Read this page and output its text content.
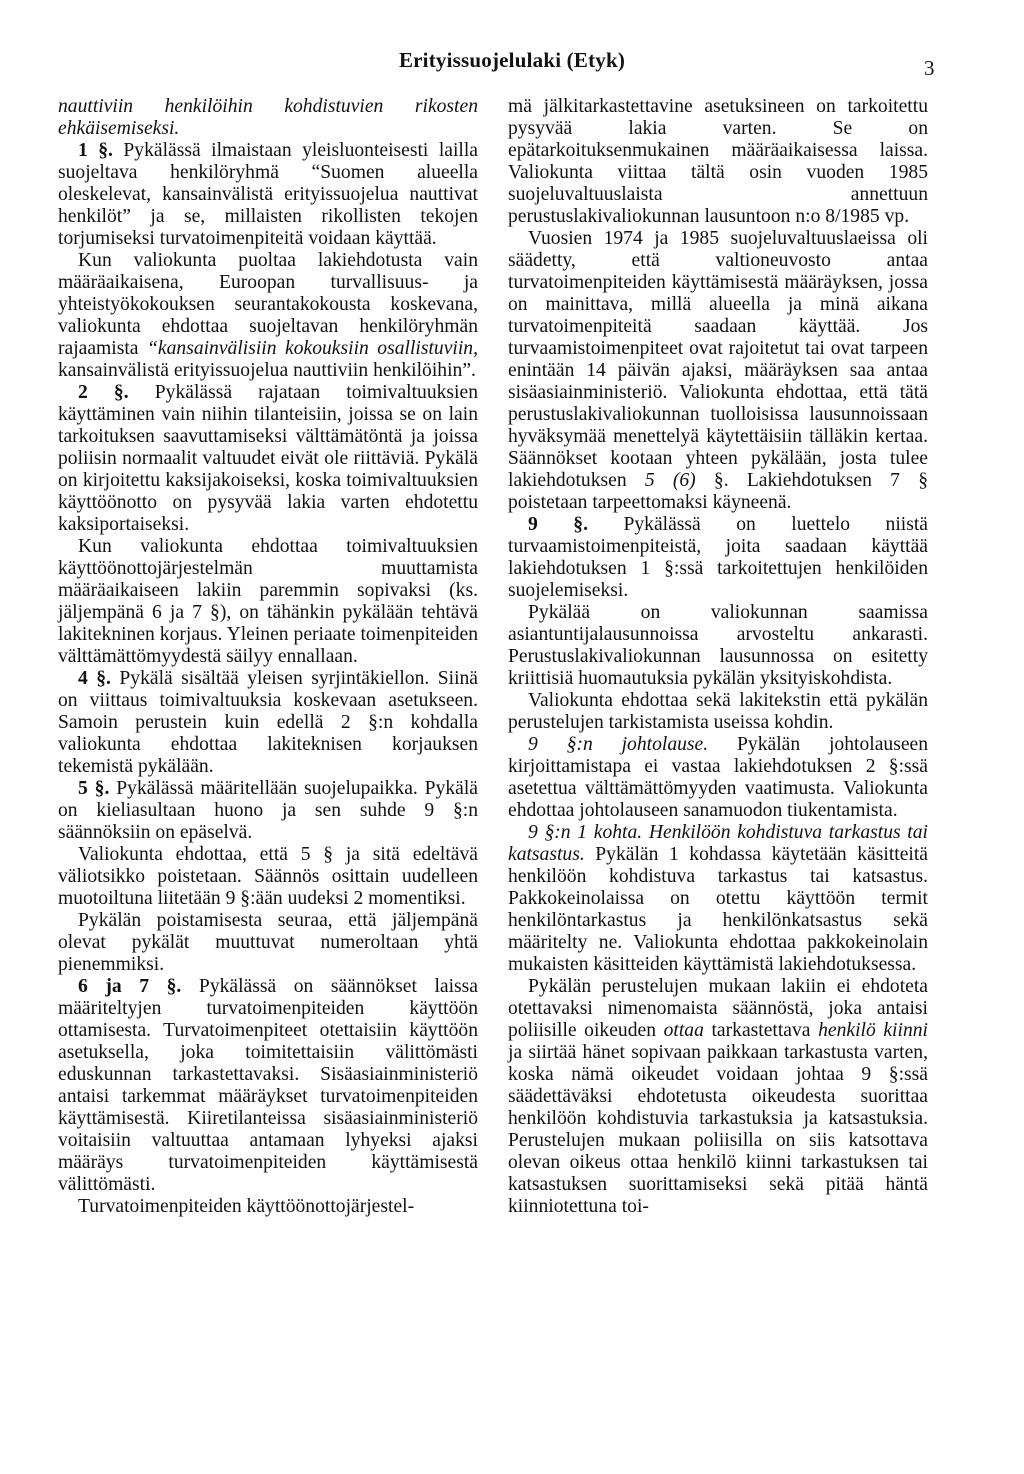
Erityissuojelulaki (Etyk)	3

nauttiviin henkilöihin kohdistuvien rikosten ehkäisemiseksi.

1 §. Pykälässä ilmaistaan yleisluonteisesti lailla suojeltava henkilöryhmä “Suomen alueella oleskelevat, kansainvälistä erityissuojelua nauttivat henkilöt” ja se, millaisten rikollisten tekojen torjumiseksi turvatoimenpiteitä voidaan käyttää.

Kun valiokunta puoltaa lakiehdotusta vain määräaikaisena, Euroopan turvallisuus- ja yhteistyökokouksen seurantakokousta koskevana, valiokunta ehdottaa suojeltavan henkilöryhmän rajaamista “kansainvälisiin kokouksiin osallistuviin, kansainvälistä erityissuojelua nauttiviin henkilöihin”.

2 §. Pykälässä rajataan toimivaltuuksien käyttäminen vain niihin tilanteisiin, joissa se on lain tarkoituksen saavuttamiseksi välttämätöntä ja joissa poliisin normaalit valtuudet eivät ole riittäviä. Pykälä on kirjoitettu kaksijakoiseksi, koska toimivaltuuksien käyttöönotto on pysyvää lakia varten ehdotettu kaksiportaiseksi.

Kun valiokunta ehdottaa toimivaltuuksien käyttöönottojärjestelmän muuttamista määräaikaiseen lakiin paremmin sopivaksi (ks. jäljempänä 6 ja 7 §), on tähänkin pykälään tehtävä lakitekninen korjaus. Yleinen periaate toimenpiteiden välttämättömyydestä säilyy ennallaan.

4 §. Pykälä sisältää yleisen syrjintäkiellon. Siinä on viittaus toimivaltuuksia koskevaan asetukseen. Samoin perustein kuin edellä 2 §:n kohdalla valiokunta ehdottaa lakiteknisen korjauksen tekemistä pykälään.

5 §. Pykälässä määritellään suojelupaikka. Pykälä on kieliasultaan huono ja sen suhde 9 §:n säännöksiin on epäselvä.

Valiokunta ehdottaa, että 5 § ja sitä edeltävä väliotsikko poistetaan. Säännös osittain uudelleen muotoiltuna liitetään 9 §:ään uudeksi 2 momentiksi.

Pykälän poistamisesta seuraa, että jäljempänä olevat pykälät muuttuvat numeroltaan yhtä pienemmiksi.

6 ja 7 §. Pykälässä on säännökset laissa määriteltyjen turvatoimenpiteiden käyttöön ottamisesta. Turvatoimenpiteet otettaisiin käyttöön asetuksella, joka toimitettaisiin välittömästi eduskunnan tarkastettavaksi. Sisäasiainministeriö antaisi tarkemmat määräykset turvatoimenpiteiden käyttämisestä. Kiiretilanteissa sisäasiainministeriö voitaisiin valtuuttaa antamaan lyhyeksi ajaksi määräys turvatoimenpiteiden käyttämisestä välittömästi.

Turvatoimenpiteiden käyttöönottojärjestel-

mä jälkitarkastettavine asetuksineen on tarkoitettu pysyvää lakia varten. Se on epätarkoituksenmukainen määräaikaisessa laissa. Valiokunta viittaa tältä osin vuoden 1985 suojeluvaltuuslaista annettuun perustuslakivaliokunnan lausuntoon n:o 8/1985 vp.

Vuosien 1974 ja 1985 suojeluvaltuuslaeissa oli säädetty, että valtioneuvosto antaa turvatoimenpiteiden käyttämisestä määräyksen, jossa on mainittava, millä alueella ja minä aikana turvatoimenpiteitä saadaan käyttää. Jos turvaamistoimenpiteet ovat rajoitetut tai ovat tarpeen enintään 14 päivän ajaksi, määräyksen saa antaa sisäasiainministeriö. Valiokunta ehdottaa, että tätä perustuslakivaliokunnan tuolloisissa lausunnoissaan hyväksymää menettelyä käytettäisiin tälläkin kertaa. Säännökset kootaan yhteen pykälään, josta tulee lakiehdotuksen 5 (6) §. Lakiehdotuksen 7 § poistetaan tarpeettomaksi käyneenä.

9 §. Pykälässä on luettelo niistä turvaamistoimenpiteistä, joita saadaan käyttää lakiehdotuksen 1 §:ssä tarkoitettujen henkilöiden suojelemiseksi.

Pykälää on valiokunnan saamissa asiantuntijalausunnoissa arvosteltu ankarasti. Perustuslakivaliokunnan lausunnossa on esitetty kriittisiä huomautuksia pykälän yksityiskohdista.

Valiokunta ehdottaa sekä lakitekstin että pykälän perustelujen tarkistamista useissa kohdin.

9 §:n johtolause. Pykälän johtolauseen kirjoittamistapa ei vastaa lakiehdotuksen 2 §:ssä asetettua välttämättömyyden vaatimusta. Valiokunta ehdottaa johtolauseen sanamuodon tiukentamista.

9 §:n 1 kohta. Henkilöön kohdistuva tarkastus tai katsastus. Pykälän 1 kohdassa käytetään käsitteitä henkilöön kohdistuva tarkastus tai katsastus. Pakkokeinolaissa on otettu käyttöön termit henkilöntarkastus ja henkilönkatsastus sekä määritelty ne. Valiokunta ehdottaa pakkokeinolain mukaisten käsitteiden käyttämistä lakiehdotuksessa.

Pykälän perustelujen mukaan lakiin ei ehdoteta otettavaksi nimenomaista säännöstä, joka antaisi poliisille oikeuden ottaa tarkastettava henkilö kiinni ja siirtää hänet sopivaan paikkaan tarkastusta varten, koska nämä oikeudet voidaan johtaa 9 §:ssä säädettäväksi ehdotetusta oikeudesta suorittaa henkilöön kohdistuvia tarkastuksia ja katsastuksia. Perustelujen mukaan poliisilla on siis katsottava olevan oikeus ottaa henkilö kiinni tarkastuksen tai katsastuksen suorittamiseksi sekä pitää häntä kiinniotettuna toi-
